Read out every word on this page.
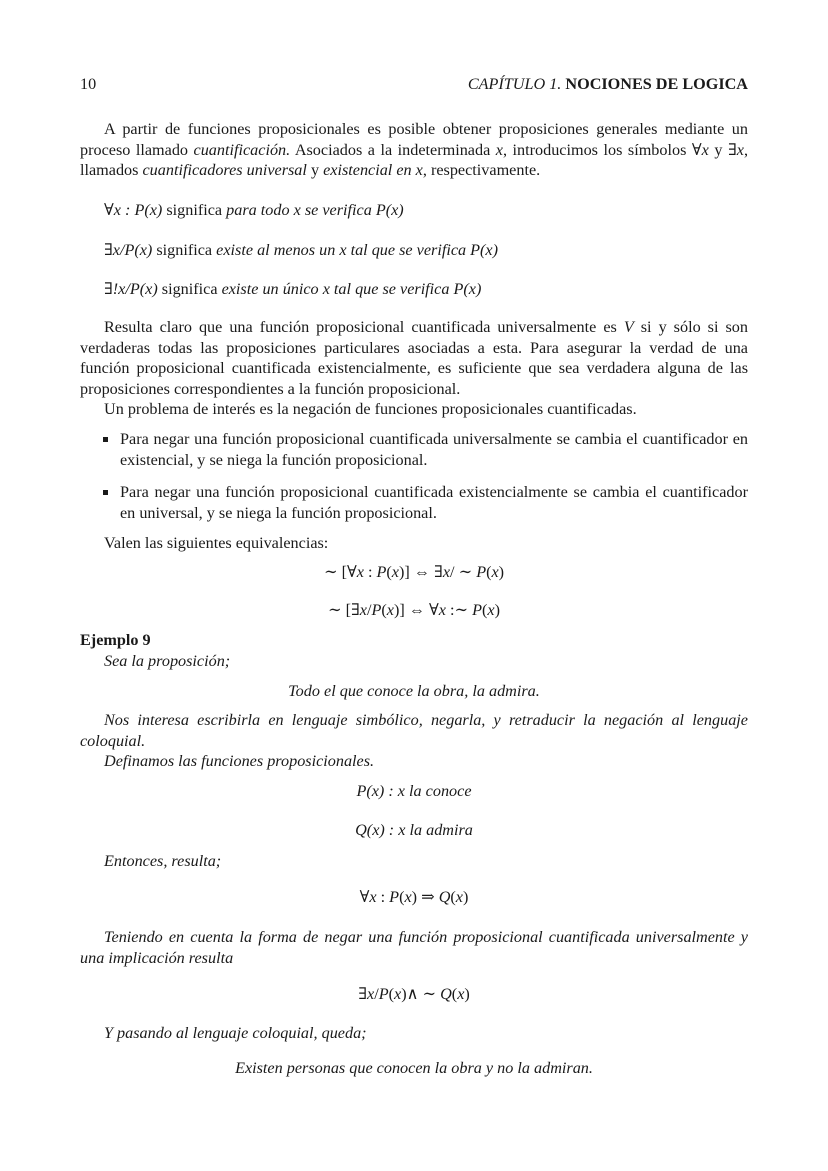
10	CAPÍTULO 1. NOCIONES DE LOGICA
A partir de funciones proposicionales es posible obtener proposiciones generales mediante un proceso llamado cuantificación. Asociados a la indeterminada x, introducimos los símbolos ∀x y ∃x, llamados cuantificadores universal y existencial en x, respectivamente.
∀x : P(x) significa para todo x se verifica P(x)
∃x/P(x) significa existe al menos un x tal que se verifica P(x)
∃!x/P(x) significa existe un único x tal que se verifica P(x)
Resulta claro que una función proposicional cuantificada universalmente es V si y sólo si son verdaderas todas las proposiciones particulares asociadas a esta. Para asegurar la verdad de una función proposicional cuantificada existencialmente, es suficiente que sea verdadera alguna de las proposiciones correspondientes a la función proposicional.
Un problema de interés es la negación de funciones proposicionales cuantificadas.
Para negar una función proposicional cuantificada universalmente se cambia el cuantificador en existencial, y se niega la función proposicional.
Para negar una función proposicional cuantificada existencialmente se cambia el cuantificador en universal, y se niega la función proposicional.
Valen las siguientes equivalencias:
∼ [∀x : P(x)] ⇔ ∃x/ ∼ P(x)
∼ [∃x/P(x)] ⇔ ∀x :∼ P(x)
Ejemplo 9
Sea la proposición;
Todo el que conoce la obra, la admira.
Nos interesa escribirla en lenguaje simbólico, negarla, y retraducir la negación al lenguaje coloquial.
Definamos las funciones proposicionales.
P(x) : x la conoce
Q(x) : x la admira
Entonces, resulta;
∀x : P(x) ⇒ Q(x)
Teniendo en cuenta la forma de negar una función proposicional cuantificada universalmente y una implicación resulta
∃x/P(x)∧ ∼ Q(x)
Y pasando al lenguaje coloquial, queda;
Existen personas que conocen la obra y no la admiran.
